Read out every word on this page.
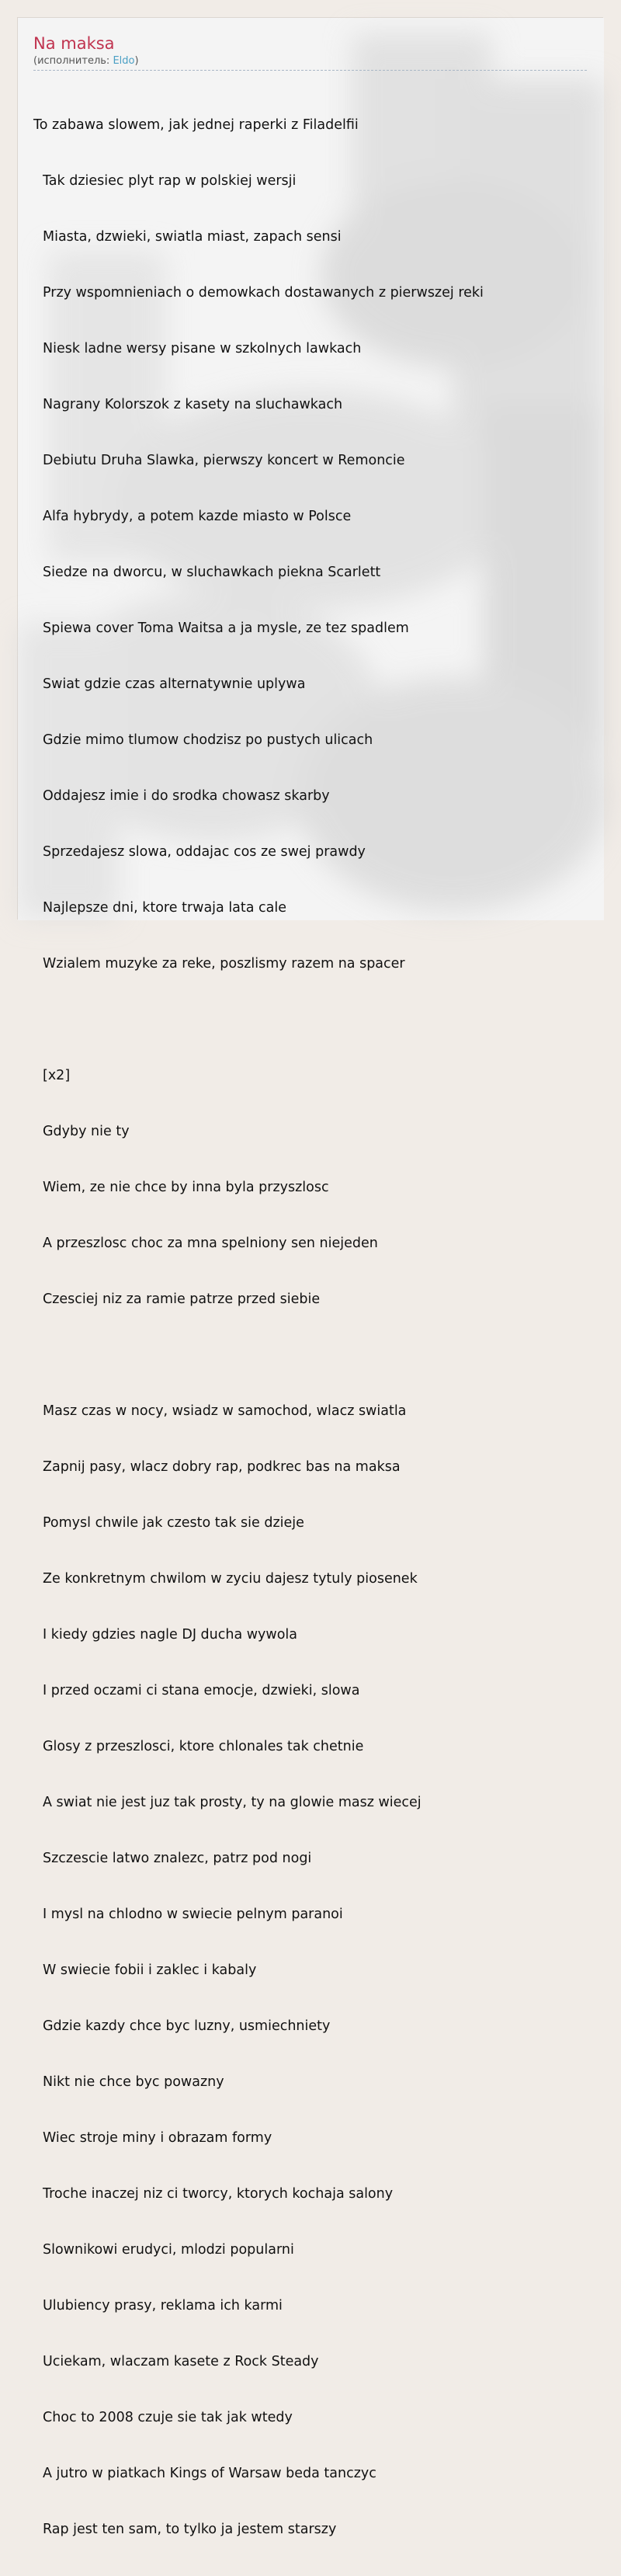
Na maksa
(исполнитель: Eldo)

To zabawa slowem, jak jednej raperki z Filadelfii

Tak dziesiec plyt rap w polskiej wersji

Miasta, dzwieki, swiatla miast, zapach sensi

Przy wspomnieniach o demowkach dostawanych z pierwszej reki

Niesk ladne wersy pisane w szkolnych lawkach

Nagrany Kolorszok z kasety na sluchawkach

Debiutu Druha Slawka, pierwszy koncert w Remoncie

Alfa hybrydy, a potem kazde miasto w Polsce

Siedze na dworcu, w sluchawkach piekna Scarlett

Spiewa cover Toma Waitsa a ja mysle, ze tez spadlem

Swiat gdzie czas alternatywnie uplywa

Gdzie mimo tlumow chodzisz po pustych ulicach

Oddajesz imie i do srodka chowasz skarby

Sprzedajesz slowa, oddajac cos ze swej prawdy

Najlepsze dni, ktore trwaja lata cale

Wzialem muzyke za reke, poszlismy razem na spacer

[x2]

Gdyby nie ty

Wiem, ze nie chce by inna byla przyszlosc

A przeszlosc choc za mna spelniony sen niejeden

Czesciej niz za ramie patrze przed siebie

Masz czas w nocy, wsiadz w samochod, wlacz swiatla

Zapnij pasy, wlacz dobry rap, podkrec bas na maksa

Pomysl chwile jak czesto tak sie dzieje

Ze konkretnym chwilom w zyciu dajesz tytuly piosenek

I kiedy gdzies nagle DJ ducha wywola

I przed oczami ci stana emocje, dzwieki, slowa

Glosy z przeszlosci, ktore chlonales tak chetnie

A swiat nie jest juz tak prosty, ty na glowie masz wiecej

Szczescie latwo znalezc, patrz pod nogi

I mysl na chlodno w swiecie pelnym paranoi

W swiecie fobii i zaklec i kabaly

Gdzie kazdy chce byc luzny, usmiechniety

Nikt nie chce byc powazny

Wiec stroje miny i obrazam formy

Troche inaczej niz ci tworcy, ktorych kochaja salony

Slownikowi erudyci, mlodzi popularni

Ulubiency prasy, reklama ich karmi

Uciekam, wlaczam kasete z Rock Steady

Choc to 2008 czuje sie tak jak wtedy

A jutro w piatkach Kings of Warsaw beda tanczyc

Rap jest ten sam, to tylko ja jestem starszy
